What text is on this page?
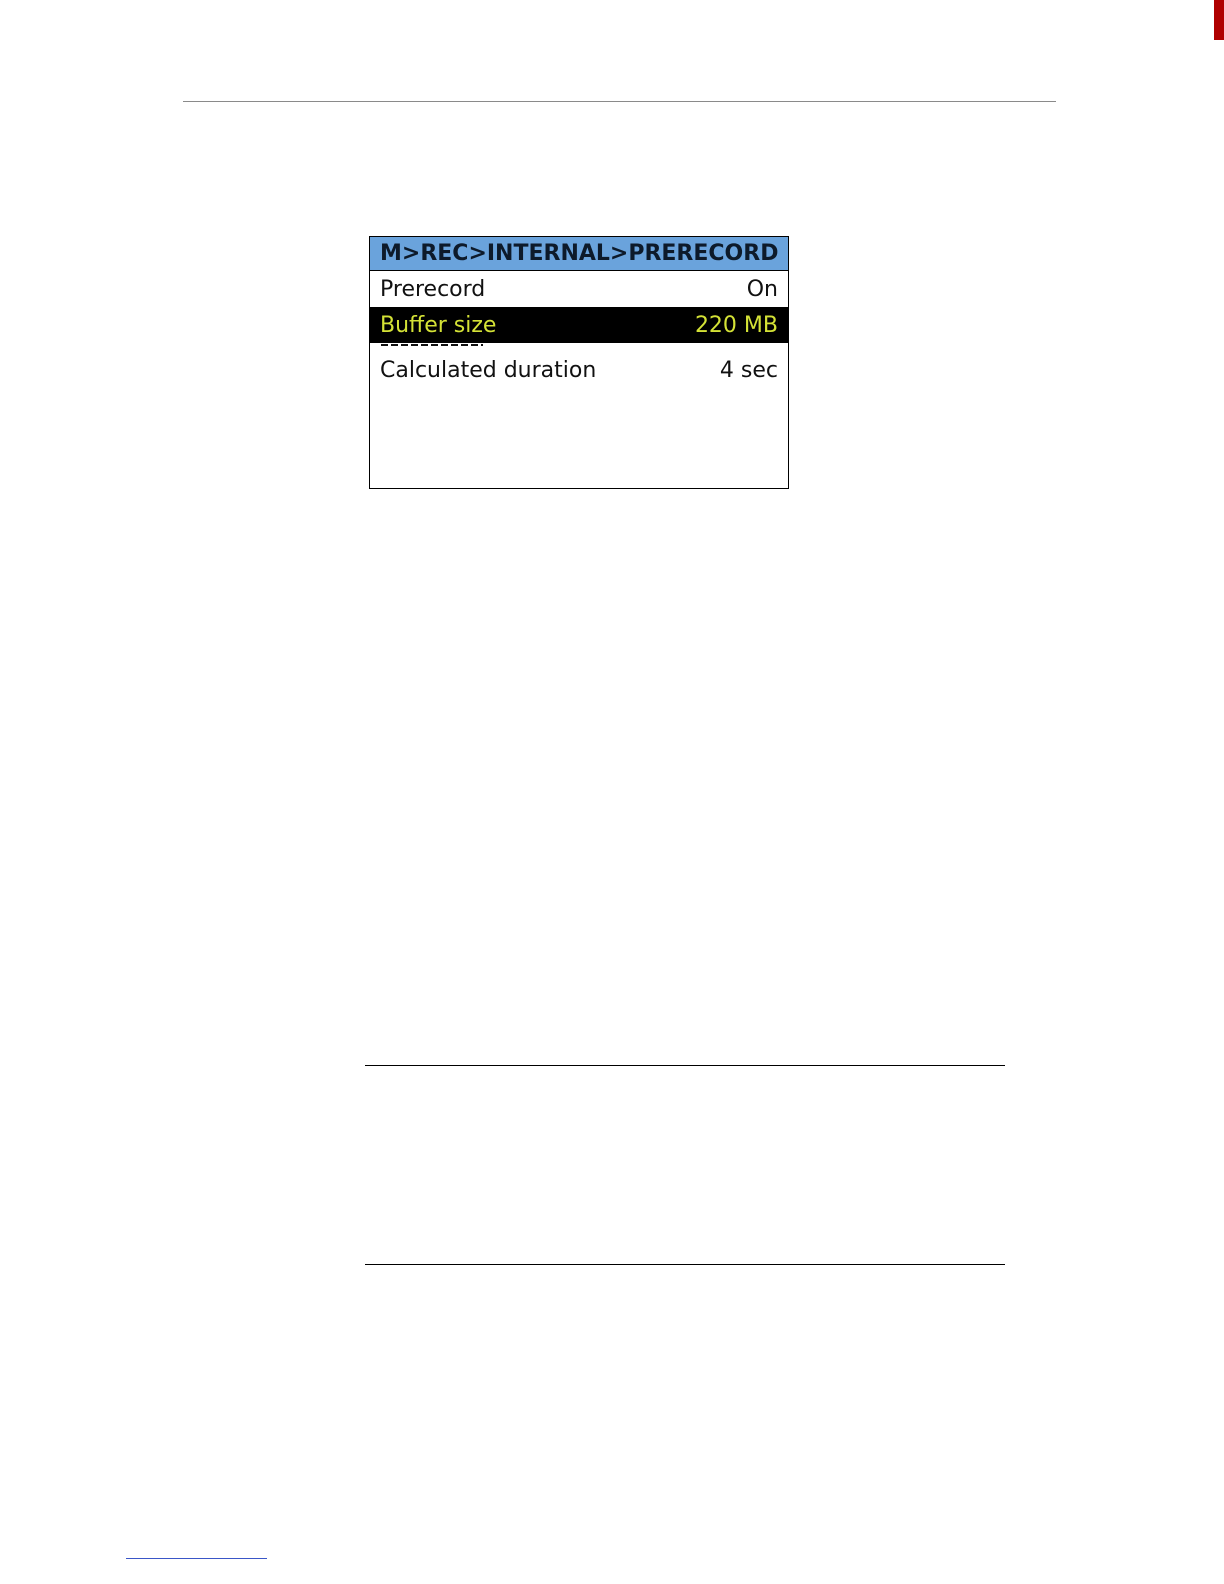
M>REC>INTERNAL>PRERECORD
Prerecord	On
Buffer size	220 MB
Calculated duration	4 sec
